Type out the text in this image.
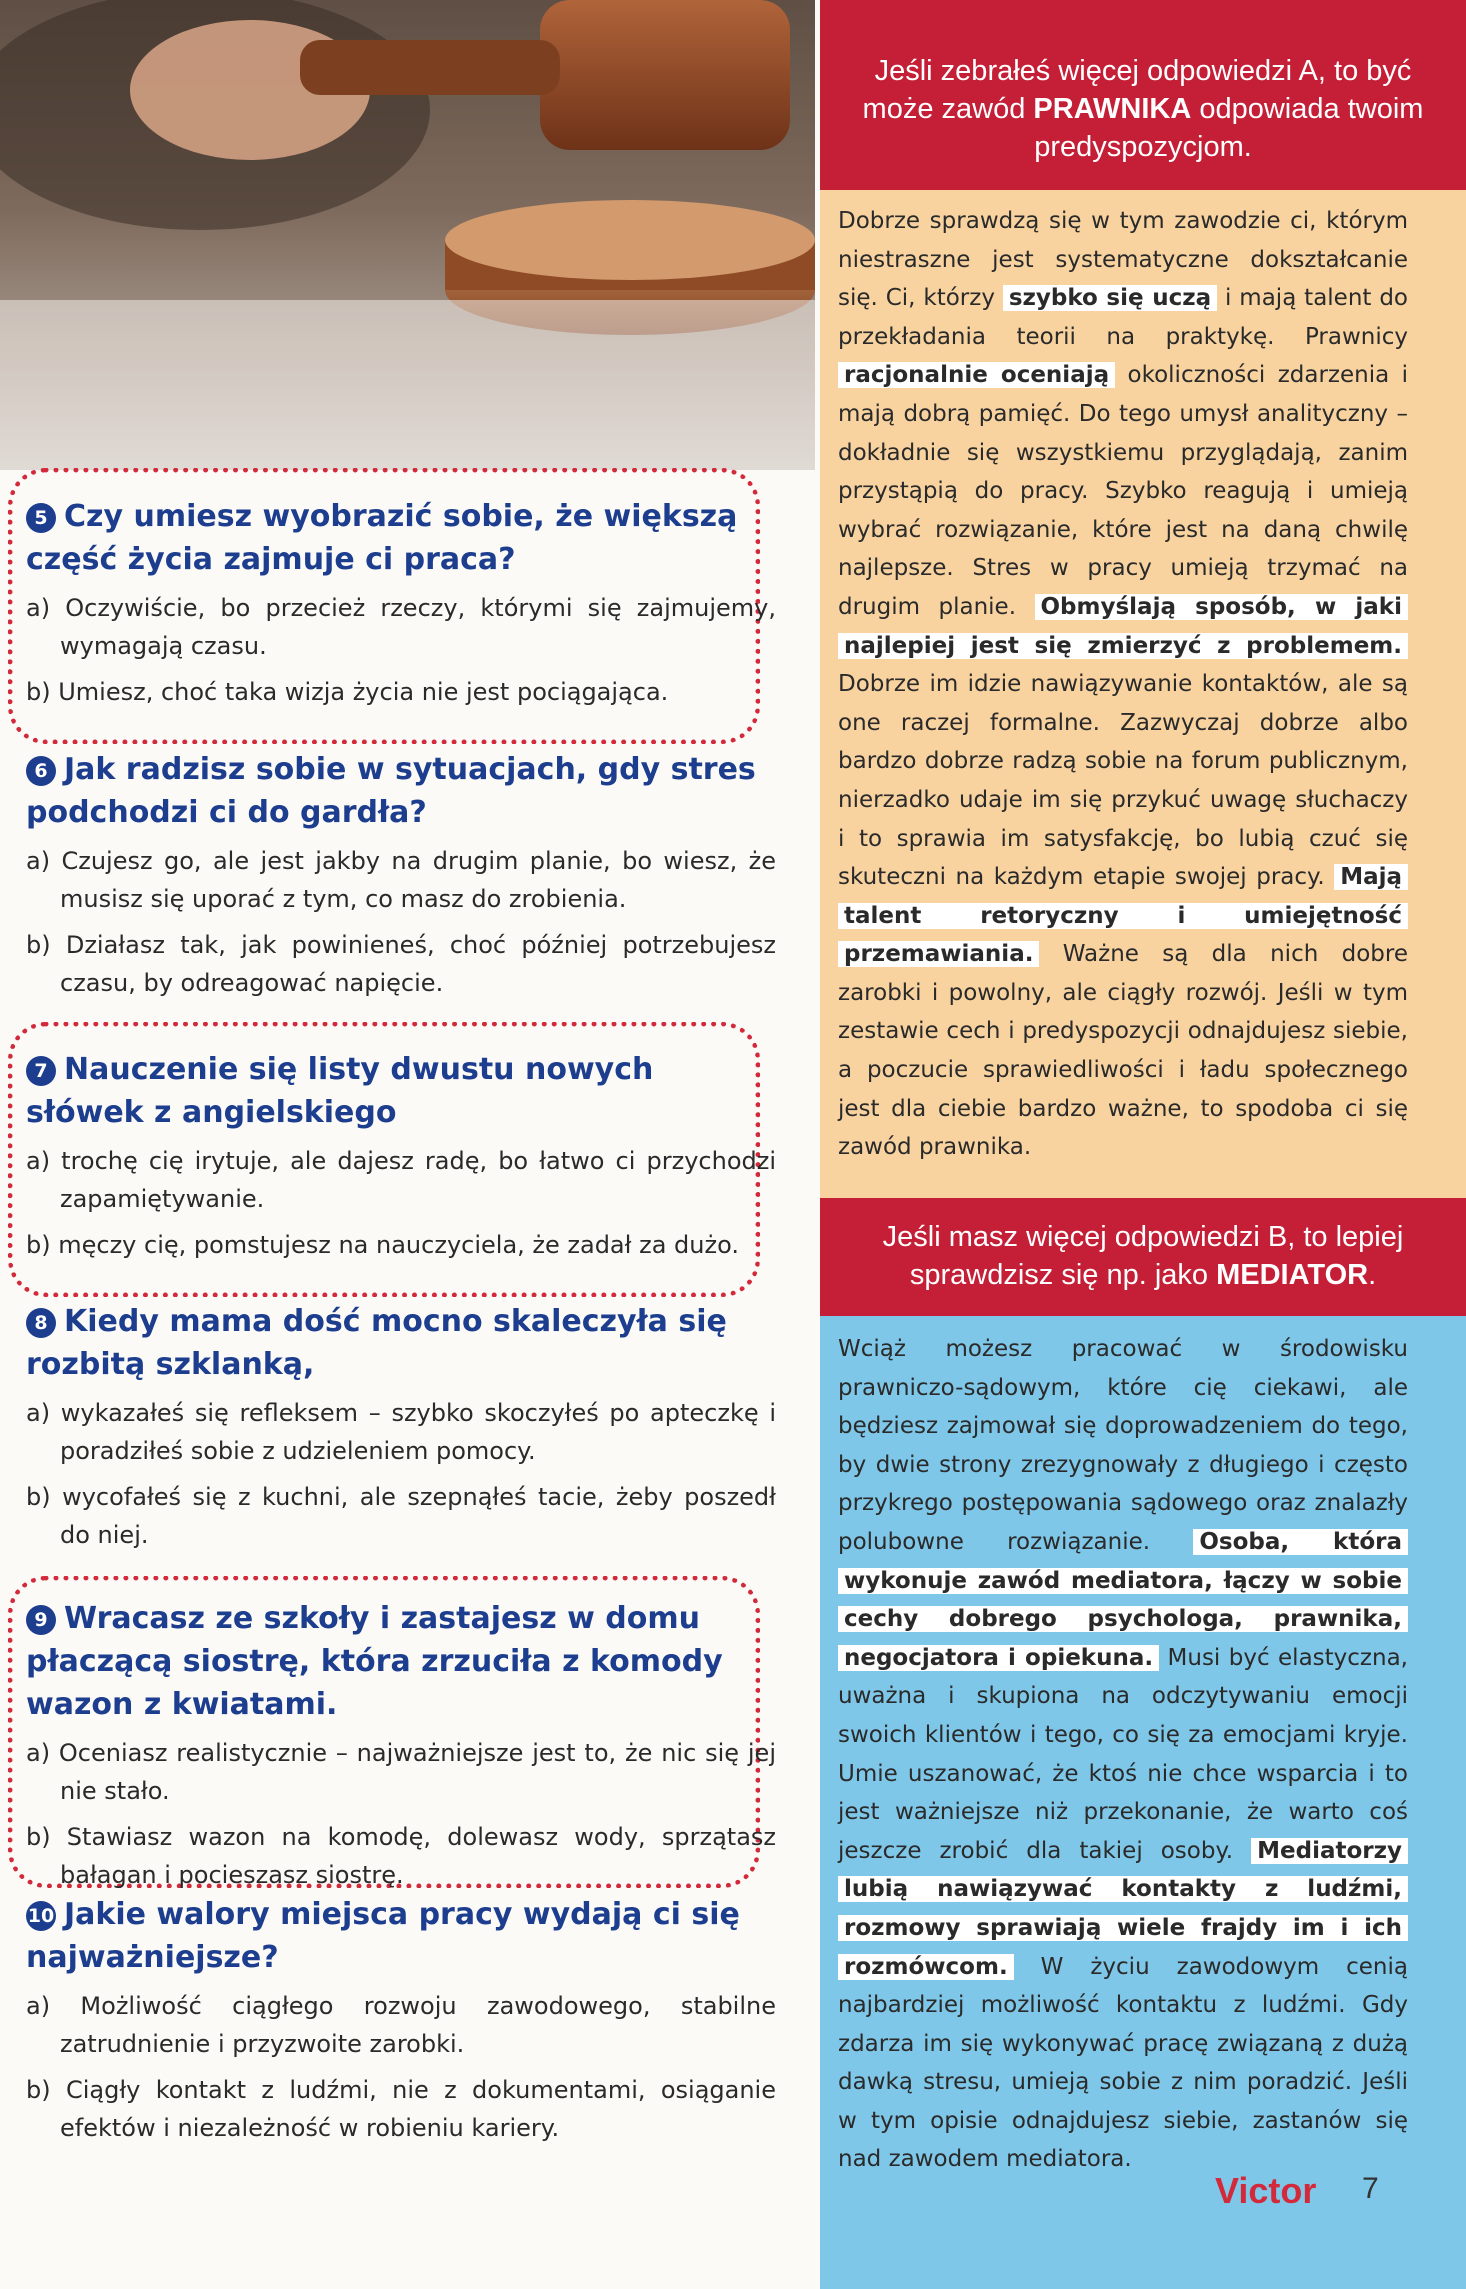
5 Czy umiesz wyobrazić sobie, że większą część życia zajmuje ci praca?

a) Oczywiście, bo przecież rzeczy, którymi się zajmujemy, wymagają czasu.

b) Umiesz, choć taka wizja życia nie jest pociągająca.

6 Jak radzisz sobie w sytuacjach, gdy stres podchodzi ci do gardła?

a) Czujesz go, ale jest jakby na drugim planie, bo wiesz, że musisz się uporać z tym, co masz do zrobienia.

b) Działasz tak, jak powinieneś, choć później potrzebujesz czasu, by odreagować napięcie.

7 Nauczenie się listy dwustu nowych słówek z angielskiego

a) trochę cię irytuje, ale dajesz radę, bo łatwo ci przychodzi zapamiętywanie.

b) męczy cię, pomstujesz na nauczyciela, że zadał za dużo.

8 Kiedy mama dość mocno skaleczyła się rozbitą szklanką,

a) wykazałeś się refleksem – szybko skoczyłeś po apteczkę i poradziłeś sobie z udzieleniem pomocy.

b) wycofałeś się z kuchni, ale szepnąłeś tacie, żeby poszedł do niej.

9 Wracasz ze szkoły i zastajesz w domu płaczącą siostrę, która zrzuciła z komody wazon z kwiatami.

a) Oceniasz realistycznie – najważniejsze jest to, że nic się jej nie stało.

b) Stawiasz wazon na komodę, dolewasz wody, sprzątasz bałagan i pocieszasz siostrę.

10 Jakie walory miejsca pracy wydają ci się najważniejsze?

a) Możliwość ciągłego rozwoju zawodowego, stabilne zatrudnienie i przyzwoite zarobki.

b) Ciągły kontakt z ludźmi, nie z dokumentami, osiąganie efektów i niezależność w robieniu kariery.

Jeśli zebrałeś więcej odpowiedzi A, to być może zawód PRAWNIKA odpowiada twoim predyspozycjom.
Dobrze sprawdzą się w tym zawodzie ci, którym niestraszne jest systematyczne dokształcanie się. Ci, którzy szybko się uczą i mają talent do przekładania teorii na praktykę. Prawnicy racjonalnie oceniają okoliczności zdarzenia i mają dobrą pamięć. Do tego umysł analityczny – dokładnie się wszystkiemu przyglądają, zanim przystąpią do pracy. Szybko reagują i umieją wybrać rozwiązanie, które jest na daną chwilę najlepsze. Stres w pracy umieją trzymać na drugim planie. Obmyślają sposób, w jaki najlepiej jest się zmierzyć z problemem. Dobrze im idzie nawiązywanie kontaktów, ale są one raczej formalne. Zazwyczaj dobrze albo bardzo dobrze radzą sobie na forum publicznym, nierzadko udaje im się przykuć uwagę słuchaczy i to sprawia im satysfakcję, bo lubią czuć się skuteczni na każdym etapie swojej pracy. Mają talent retoryczny i umiejętność przemawiania. Ważne są dla nich dobre zarobki i powolny, ale ciągły rozwój. Jeśli w tym zestawie cech i predyspozycji odnajdujesz siebie, a poczucie sprawiedliwości i ładu społecznego jest dla ciebie bardzo ważne, to spodoba ci się zawód prawnika.
Jeśli masz więcej odpowiedzi B, to lepiej sprawdzisz się np. jako MEDIATOR.
Wciąż możesz pracować w środowisku prawniczo-sądowym, które cię ciekawi, ale będziesz zajmował się doprowadzeniem do tego, by dwie strony zrezygnowały z długiego i często przykrego postępowania sądowego oraz znalazły polubowne rozwiązanie. Osoba, która wykonuje zawód mediatora, łączy w sobie cechy dobrego psychologa, prawnika, negocjatora i opiekuna. Musi być elastyczna, uważna i skupiona na odczytywaniu emocji swoich klientów i tego, co się za emocjami kryje. Umie uszanować, że ktoś nie chce wsparcia i to jest ważniejsze niż przekonanie, że warto coś jeszcze zrobić dla takiej osoby. Mediatorzy lubią nawiązywać kontakty z ludźmi, rozmowy sprawiają wiele frajdy im i ich rozmówcom. W życiu zawodowym cenią najbardziej możliwość kontaktu z ludźmi. Gdy zdarza im się wykonywać pracę związaną z dużą dawką stresu, umieją sobie z nim poradzić. Jeśli w tym opisie odnajdujesz siebie, zastanów się nad zawodem mediatora.
Victor 7
